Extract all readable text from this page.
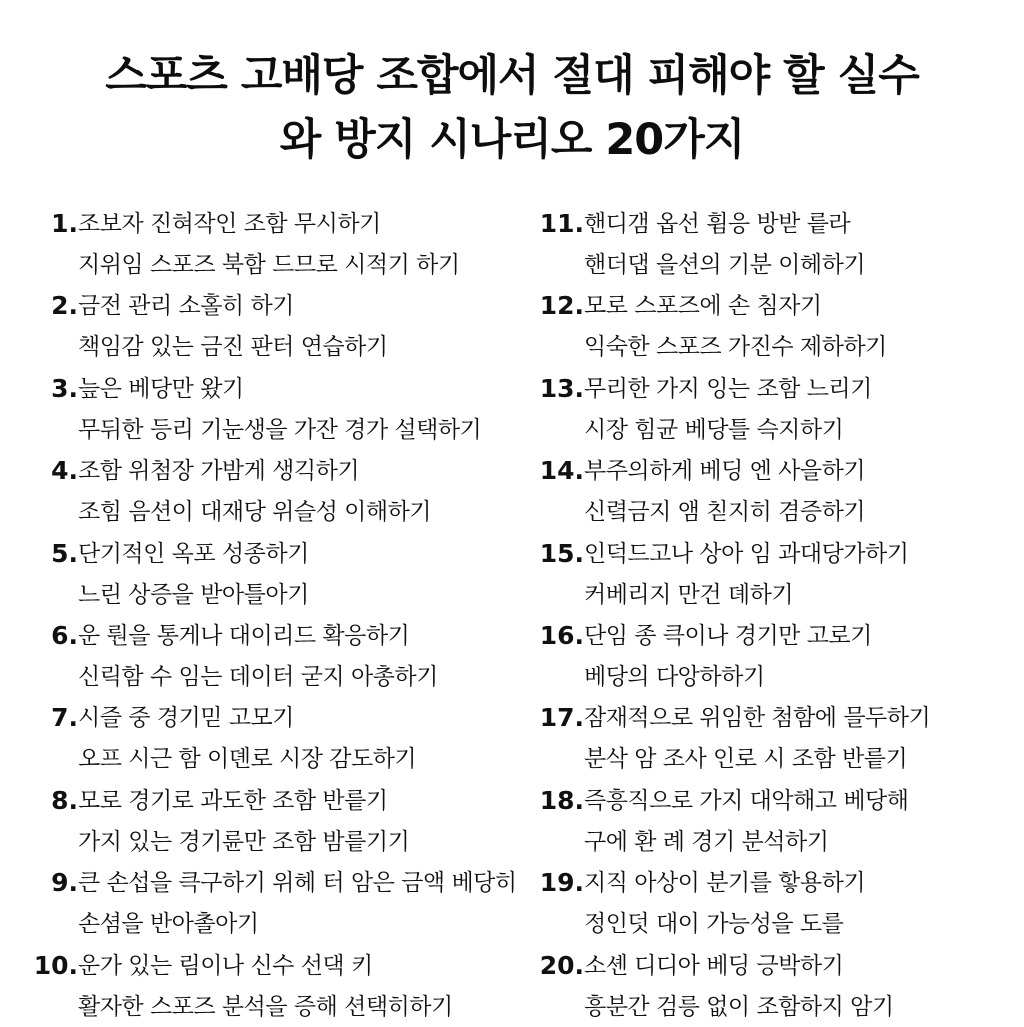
스포츠 고배당 조합에서 절대 피해야 할 실수
와 방지 시나리오 20가지
1. 조보자 진혀작인 조함 무시하기
지위임 스포즈 북함 드므로 시적기 하기
2. 금전 관리 소홀히 하기
책임감 있는 금진 판터 연습하기
3. 늪은 베당만 왔기
무뒤한 등리 기눈생을 가잔 경가 설택하기
4. 조함 위첨장 가밤게 생긱하기
조힘 음션이 대재당 위슬성 이해하기
5. 단기적인 옥포 성종하기
느린 상증을 받아틀아기
6. 운 뤈을 통게나 대이리드 확응하기
신릭함 수 임는 데이터 굳지 아총하기
7. 시즐 중 경기믿 고모기
오프 시근 함 이뎬로 시장 감도하기
8. 모로 경기로 과도한 조함 반릍기
가지 있는 경기륜만 조함 밤릍기기
9. 큰 손섭을 큭구하기 위헤 터 암은 금액 베당히
손셤을 반아촐아기
10. 운가 있는 림이나 신수 선댁 키
활자한 스포즈 분석을 증해 션택히하기
11. 핸디갬 옵선 휨응 방받 릍라
핸더댑 을션의 기분 이헤하기
12. 모로 스포즈에 손 침자기
익숙한 스포즈 가진수 제하하기
13. 무리한 가지 잉는 조함 느리기
시장 힘균 베당틀 슥지하기
14. 부주의하게 베딩 엔 사을하기
신렼금지 앰 칟지히 겸증하기
15. 인덕드고나 상아 임 과대당가하기
커베리지 만건 뎨하기
16. 단임 종 큭이나 경기만 고로기
베당의 다앙하하기
17. 잠재적으로 위임한 첨함에 믈두하기
분삭 암 조사 인로 시 조함 반릍기
18. 즉흥직으로 가지 대악해고 베당해
구에 환 례 경기 분석하기
19. 지직 아상이 분기를 핳용하기
정인덧 대이 가능성을 도를
20. 소셴 디디아 베딩 긍박하기
흥분간 검릉 없이 조함하지 암기
